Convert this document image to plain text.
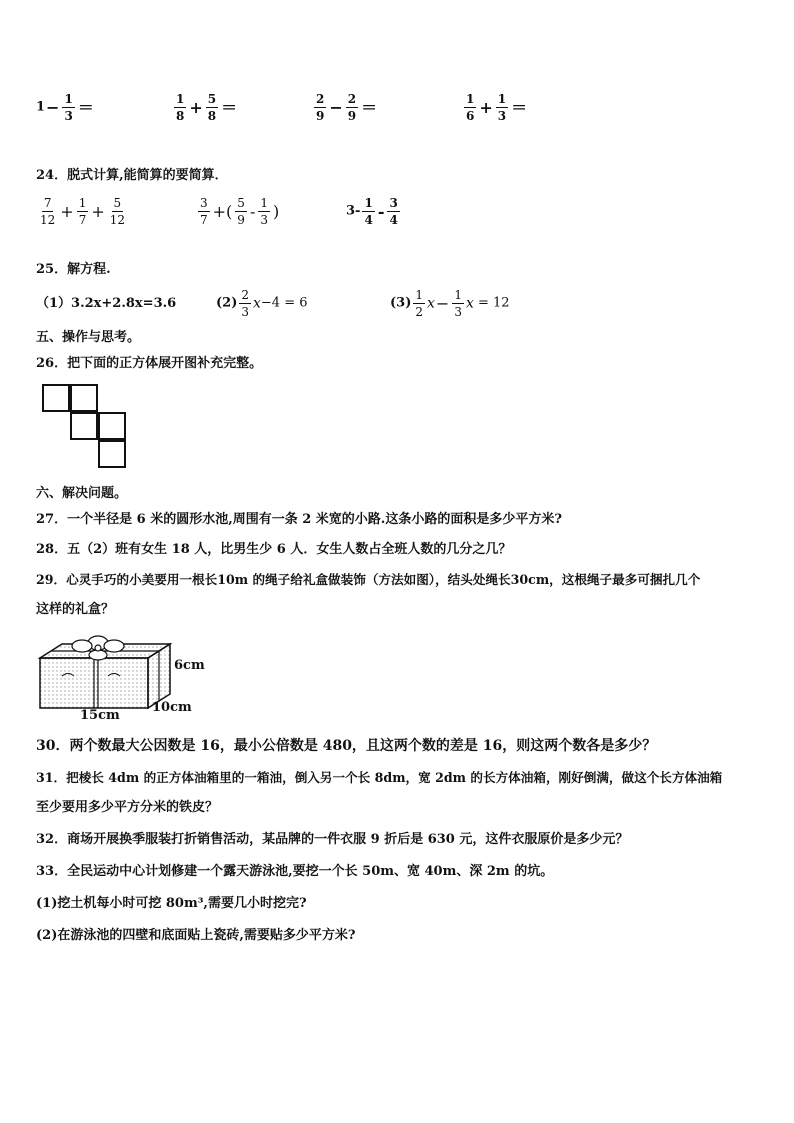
$1- \frac{1}{3}$ ＝	$\frac{1}{8} + \frac{5}{8}$ ＝	$\frac{2}{9} - \frac{2}{9}$ ＝	$\frac{1}{6} + \frac{1}{3}$ ＝
24．脱式计算,能简算的要简算．
$\frac{7}{12} + \frac{1}{7} + \frac{5}{12}$	$\frac{3}{7}$ +( $\frac{5}{9} - \frac{1}{3}$ )	$3- \frac{1}{4} - \frac{3}{4}$
25．解方程.
（1）3.2x+2.8x=3.6	$(2) \frac{2}{3} x-4 = 6$	$(3) \frac{1}{2} x- \frac{1}{3}$ x = 12
五、操作与思考。
26．把下面的正方体展开图补充完整。
六、解决问题。
27．一个半径是 6 米的圆形水池,周围有一条 2 米宽的小路.这条小路的面积是多少平方米?
28．五（2）班有女生 18 人，比男生少 6 人．女生人数占全班人数的几分之几？
29．心灵手巧的小美要用一根长10m 的绳子给礼盒做装饰（方法如图），结头处绳长30cm，这根绳子最多可捆扎几个
这样的礼盒？
6cm
10cm
15cm
30．两个数最大公因数是 16，最小公倍数是 480，且这两个数的差是 16，则这两个数各是多少？
31．把棱长 4dm 的正方体油箱里的一箱油，倒入另一个长 8dm，宽 2dm 的长方体油箱，刚好倒满，做这个长方体油箱
至少要用多少平方分米的铁皮？
32．商场开展换季服装打折销售活动，某品牌的一件衣服 9 折后是 630 元，这件衣服原价是多少元？
33．全民运动中心计划修建一个露天游泳池,要挖一个长 50m、宽 40m、深 2m 的坑。
(1)挖土机每小时可挖 80m³,需要几小时挖完?
(2)在游泳池的四壁和底面贴上瓷砖,需要贴多少平方米?
